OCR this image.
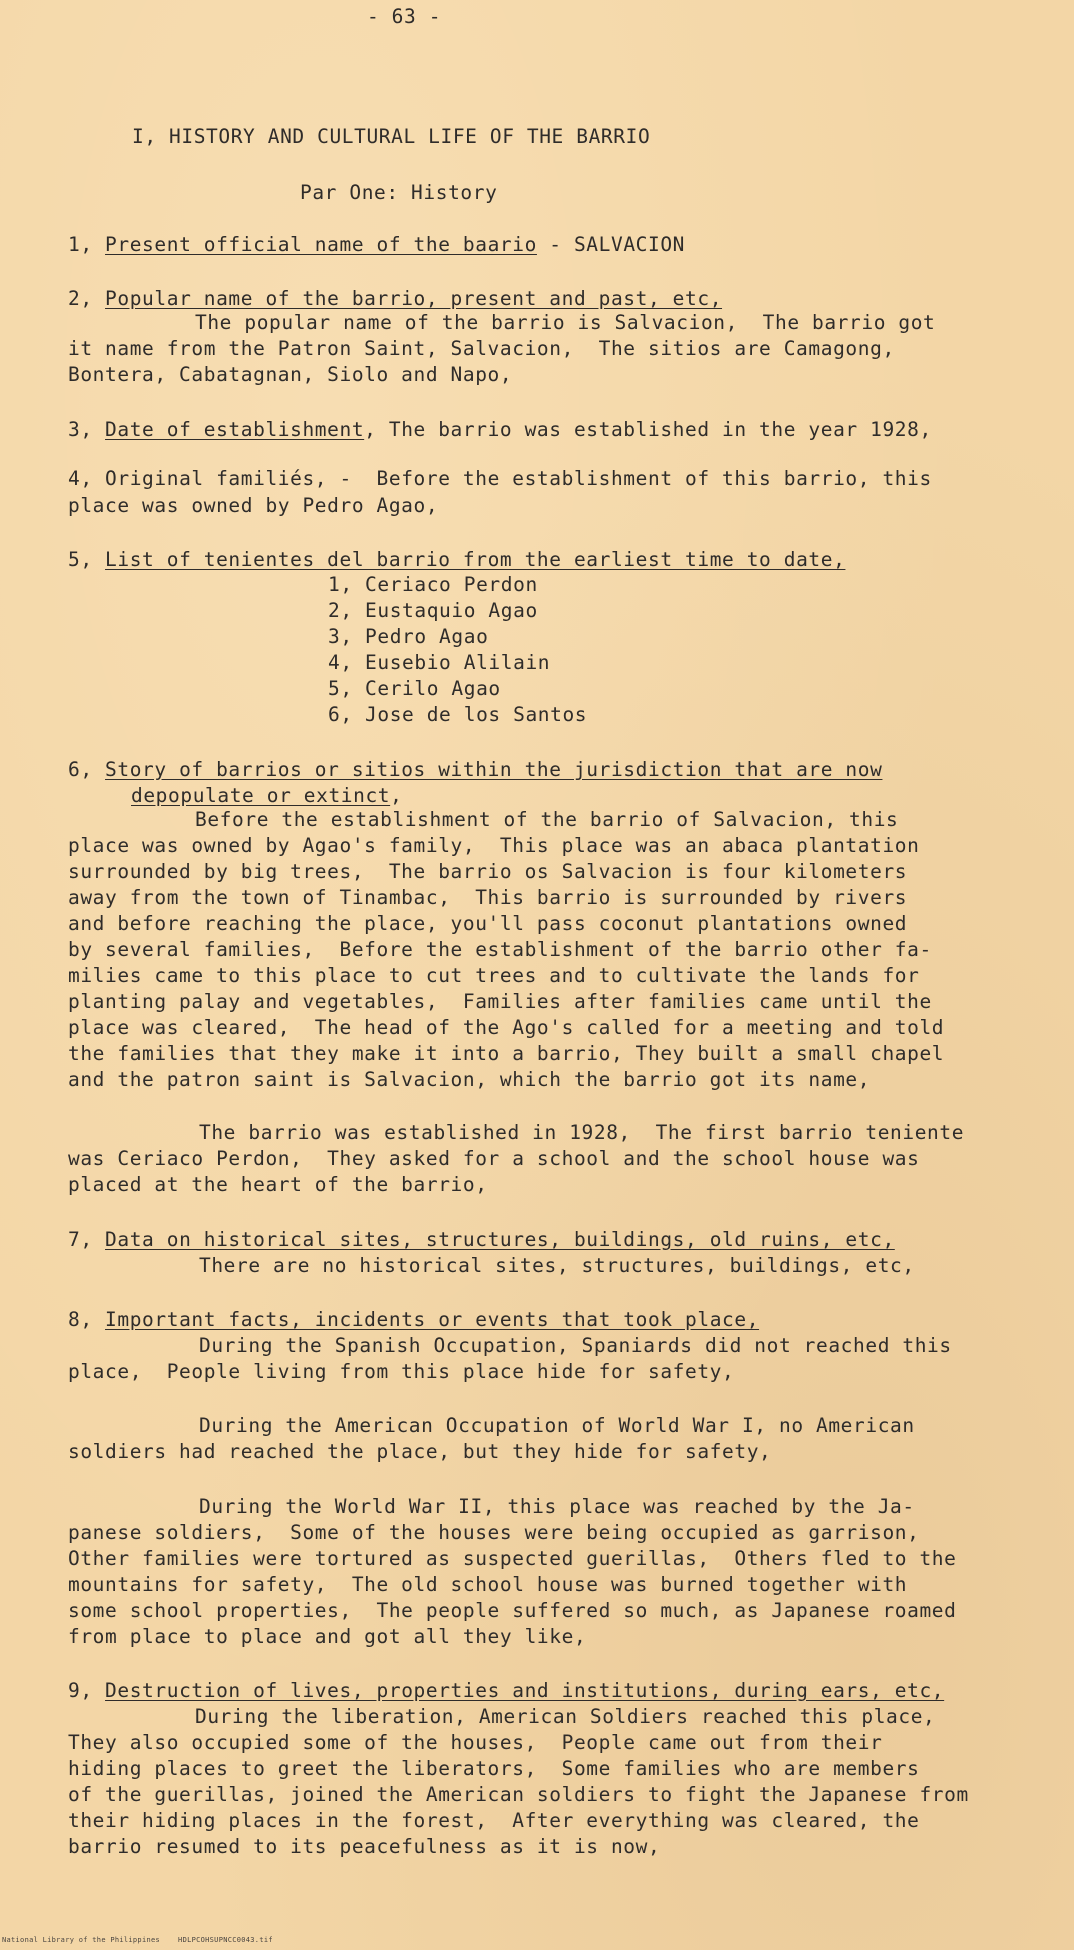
- 63 -
I, HISTORY AND CULTURAL LIFE OF THE BARRIO
Par One: History
1, Present official name of the baario - SALVACION
2, Popular name of the barrio, present and past, etc,
The popular name of the barrio is Salvacion,  The barrio got
it name from the Patron Saint, Salvacion,  The sitios are Camagong,
Bontera, Cabatagnan, Siolo and Napo,
3, Date of establishment, The barrio was established in the year 1928,
4, Original familiés, -  Before the establishment of this barrio, this
place was owned by Pedro Agao,
5, List of tenientes del barrio from the earliest time to date,
1, Ceriaco Perdon
2, Eustaquio Agao
3, Pedro Agao
4, Eusebio Alilain
5, Cerilo Agao
6, Jose de los Santos
6, Story of barrios or sitios within the jurisdiction that are now
depopulate or extinct,
Before the establishment of the barrio of Salvacion, this
place was owned by Agao's family,  This place was an abaca plantation
surrounded by big trees,  The barrio os Salvacion is four kilometers
away from the town of Tinambac,  This barrio is surrounded by rivers
and before reaching the place, you'll pass coconut plantations owned
by several families,  Before the establishment of the barrio other fa-
milies came to this place to cut trees and to cultivate the lands for
planting palay and vegetables,  Families after families came until the
place was cleared,  The head of the Ago's called for a meeting and told
the families that they make it into a barrio, They built a small chapel
and the patron saint is Salvacion, which the barrio got its name,
The barrio was established in 1928,  The first barrio teniente
was Ceriaco Perdon,  They asked for a school and the school house was
placed at the heart of the barrio,
7, Data on historical sites, structures, buildings, old ruins, etc,
There are no historical sites, structures, buildings, etc,
8, Important facts, incidents or events that took place,
During the Spanish Occupation, Spaniards did not reached this
place,  People living from this place hide for safety,
During the American Occupation of World War I, no American
soldiers had reached the place, but they hide for safety,
During the World War II, this place was reached by the Ja-
panese soldiers,  Some of the houses were being occupied as garrison,
Other families were tortured as suspected guerillas,  Others fled to the
mountains for safety,  The old school house was burned together with
some school properties,  The people suffered so much, as Japanese roamed
from place to place and got all they like,
9, Destruction of lives, properties and institutions, during ears, etc,
During the liberation, American Soldiers reached this place,
They also occupied some of the houses,  People came out from their
hiding places to greet the liberators,  Some families who are members
of the guerillas, joined the American soldiers to fight the Japanese from
their hiding places in the forest,  After everything was cleared, the
barrio resumed to its peacefulness as it is now,
National Library of the Philippines    HDLPCOHSUPNCC0043.tif
